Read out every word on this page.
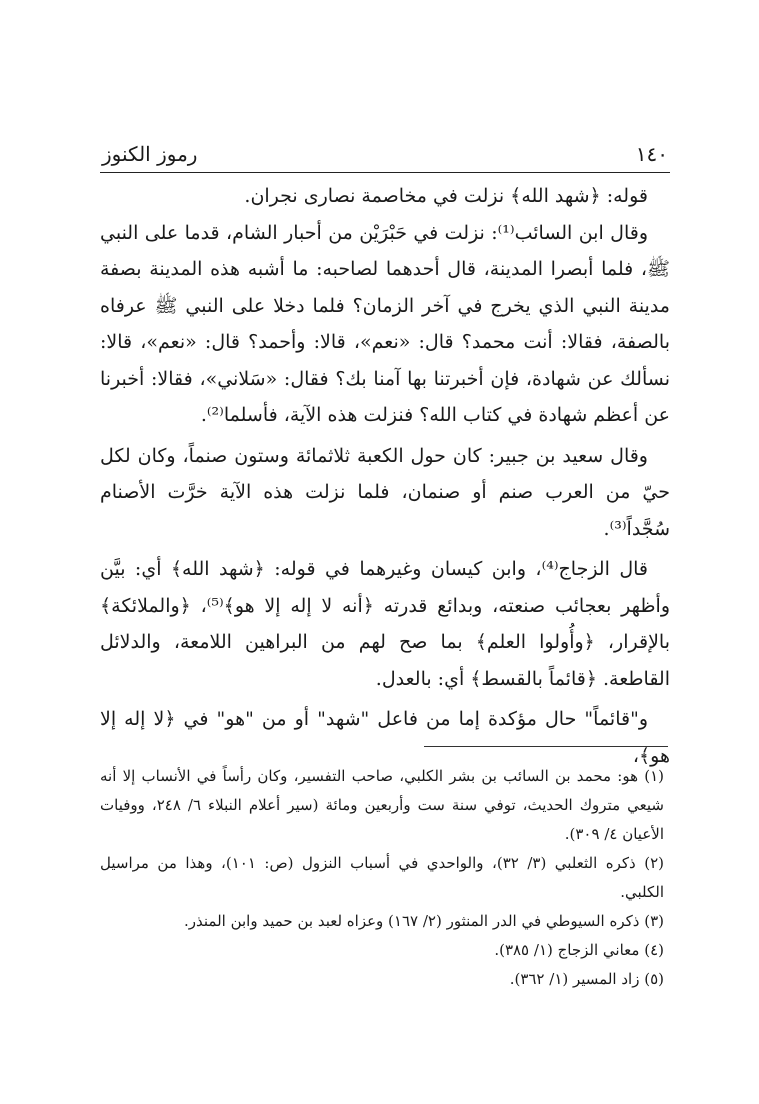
١٤٠
رموز الكنوز

قوله: ﴿شهد الله﴾ نزلت في مخاصمة نصارى نجران.

وقال ابن السائب⁽¹⁾: نزلت في حَبْرَيْن من أحبار الشام، قدما على النبي ﷺ، فلما أبصرا المدينة، قال أحدهما لصاحبه: ما أشبه هذه المدينة بصفة مدينة النبي الذي يخرج في آخر الزمان؟ فلما دخلا على النبي ﷺ عرفاه بالصفة، فقالا: أنت محمد؟ قال: «نعم»، قالا: وأحمد؟ قال: «نعم»، قالا: نسألك عن شهادة، فإن أخبرتنا بها آمنا بك؟ فقال: «سَلاني»، فقالا: أخبرنا عن أعظم شهادة في كتاب الله؟ فنزلت هذه الآية، فأسلما⁽²⁾.

وقال سعيد بن جبير: كان حول الكعبة ثلاثمائة وستون صنماً، وكان لكل حيّ من العرب صنم أو صنمان، فلما نزلت هذه الآية خرَّت الأصنام سُجَّداً⁽³⁾.

قال الزجاج⁽⁴⁾، وابن كيسان وغيرهما في قوله: ﴿شهد الله﴾ أي: بيَّن وأظهر بعجائب صنعته، وبدائع قدرته ﴿أنه لا إله إلا هو﴾⁽⁵⁾، ﴿والملائكة﴾ بالإقرار، ﴿وأُولوا العلم﴾ بما صح لهم من البراهين اللامعة، والدلائل القاطعة. ﴿قائماً بالقسط﴾ أي: بالعدل.

و"قائماً" حال مؤكدة إما من فاعل "شهد" أو من "هو" في ﴿لا إله إلا هو﴾،

(١) هو: محمد بن السائب بن بشر الكلبي، صاحب التفسير، وكان رأساً في الأنساب إلا أنه شيعي متروك الحديث، توفي سنة ست وأربعين ومائة (سير أعلام النبلاء ٦/ ٢٤٨، ووفيات الأعيان ٤/ ٣٠٩).

(٢) ذكره الثعلبي (٣/ ٣٢)، والواحدي في أسباب النزول (ص: ١٠١)، وهذا من مراسيل الكلبي.

(٣) ذكره السيوطي في الدر المنثور (٢/ ١٦٧) وعزاه لعبد بن حميد وابن المنذر.

(٤) معاني الزجاج (١/ ٣٨٥).

(٥) زاد المسير (١/ ٣٦٢).
